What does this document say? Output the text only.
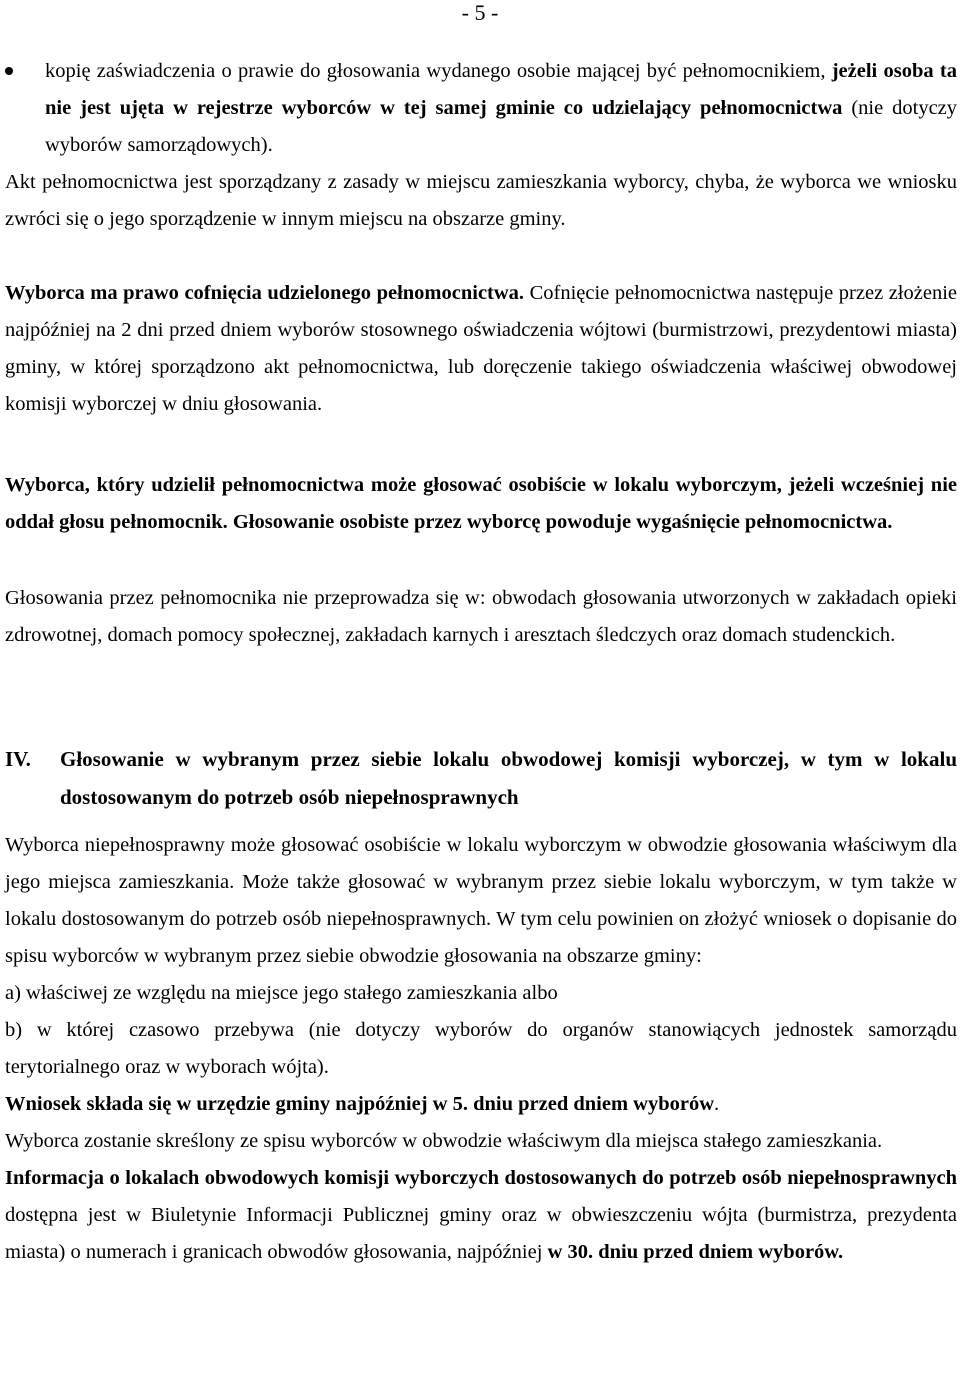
- 5 -

kopię zaświadczenia o prawie do głosowania wydanego osobie mającej być pełnomocnikiem, jeżeli osoba ta nie jest ujęta w rejestrze wyborców w tej samej gminie co udzielający pełnomocnictwa (nie dotyczy wyborów samorządowych).

Akt pełnomocnictwa jest sporządzany z zasady w miejscu zamieszkania wyborcy, chyba, że wyborca we wniosku zwróci się o jego sporządzenie w innym miejscu na obszarze gminy.

Wyborca ma prawo cofnięcia udzielonego pełnomocnictwa. Cofnięcie pełnomocnictwa następuje przez złożenie najpóźniej na 2 dni przed dniem wyborów stosownego oświadczenia wójtowi (burmistrzowi, prezydentowi miasta) gminy, w której sporządzono akt pełnomocnictwa, lub doręczenie takiego oświadczenia właściwej obwodowej komisji wyborczej w dniu głosowania.

Wyborca, który udzielił pełnomocnictwa może głosować osobiście w lokalu wyborczym, jeżeli wcześniej nie oddał głosu pełnomocnik. Głosowanie osobiste przez wyborcę powoduje wygaśnięcie pełnomocnictwa.

Głosowania przez pełnomocnika nie przeprowadza się w: obwodach głosowania utworzonych w zakładach opieki zdrowotnej, domach pomocy społecznej, zakładach karnych i aresztach śledczych oraz domach studenckich.

IV. Głosowanie w wybranym przez siebie lokalu obwodowej komisji wyborczej, w tym w lokalu dostosowanym do potrzeb osób niepełnosprawnych

Wyborca niepełnosprawny może głosować osobiście w lokalu wyborczym w obwodzie głosowania właściwym dla jego miejsca zamieszkania. Może także głosować w wybranym przez siebie lokalu wyborczym, w tym także w lokalu dostosowanym do potrzeb osób niepełnosprawnych. W tym celu powinien on złożyć wniosek o dopisanie do spisu wyborców w wybranym przez siebie obwodzie głosowania na obszarze gminy:

a) właściwej ze względu na miejsce jego stałego zamieszkania albo

b) w której czasowo przebywa (nie dotyczy wyborów do organów stanowiących jednostek samorządu terytorialnego oraz w wyborach wójta).

Wniosek składa się w urzędzie gminy najpóźniej w 5. dniu przed dniem wyborów.

Wyborca zostanie skreślony ze spisu wyborców w obwodzie właściwym dla miejsca stałego zamieszkania.

Informacja o lokalach obwodowych komisji wyborczych dostosowanych do potrzeb osób niepełnosprawnych dostępna jest w Biuletynie Informacji Publicznej gminy oraz w obwieszczeniu wójta (burmistrza, prezydenta miasta) o numerach i granicach obwodów głosowania, najpóźniej w 30. dniu przed dniem wyborów.
